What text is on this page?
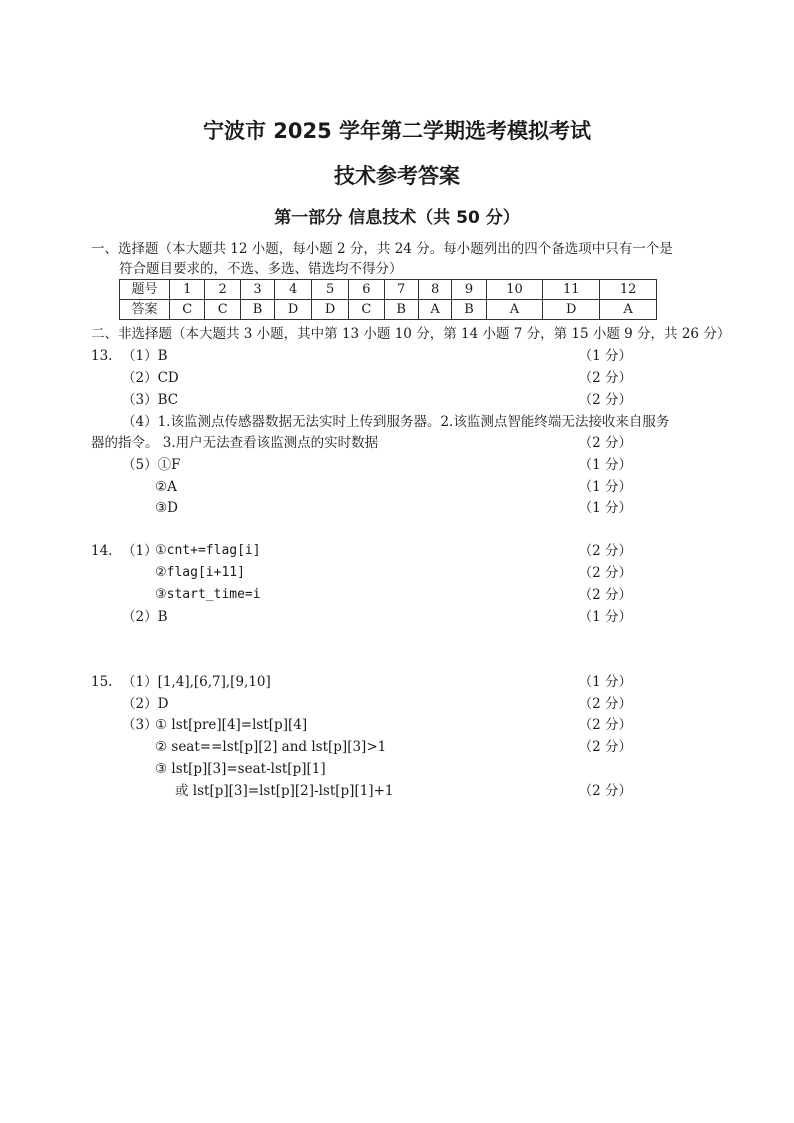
宁波市 2025 学年第二学期选考模拟考试
技术参考答案
第一部分 信息技术（共 50 分）
一、选择题（本大题共 12 小题，每小题 2 分，共 24 分。每小题列出的四个备选项中只有一个是
符合题目要求的，不选、多选、错选均不得分）
题号	1	2	3	4	5	6	7	8	9	10	11	12
答案	C	C	B	D	D	C	B	A	B	A	D	A
二、非选择题（本大题共 3 小题，其中第 13 小题 10 分，第 14 小题 7 分，第 15 小题 9 分，共 26 分）
13. （1）B	（1 分）
（2）CD	（2 分）
（3）BC	（2 分）
（4）1.该监测点传感器数据无法实时上传到服务器。2.该监测点智能终端无法接收来自服务
器的指令。 3.用户无法查看该监测点的实时数据	（2 分）
（5）①F	（1 分）
②A	（1 分）
③D	（1 分）
14. （1）
①cnt+=flag[i]	（2 分）
②flag[i+11]	（2 分）
③start_time=i	（2 分）
（2）B	（1 分）
15. （1）[1,4],[6,7],[9,10]	（1 分）
（2）D	（2 分）
（3）
① lst[pre][4]=lst[p][4]	（2 分）
② seat==lst[p][2] and lst[p][3]>1	（2 分）
③ lst[p][3]=seat-lst[p][1]
或 lst[p][3]=lst[p][2]-lst[p][1]+1	（2 分）
